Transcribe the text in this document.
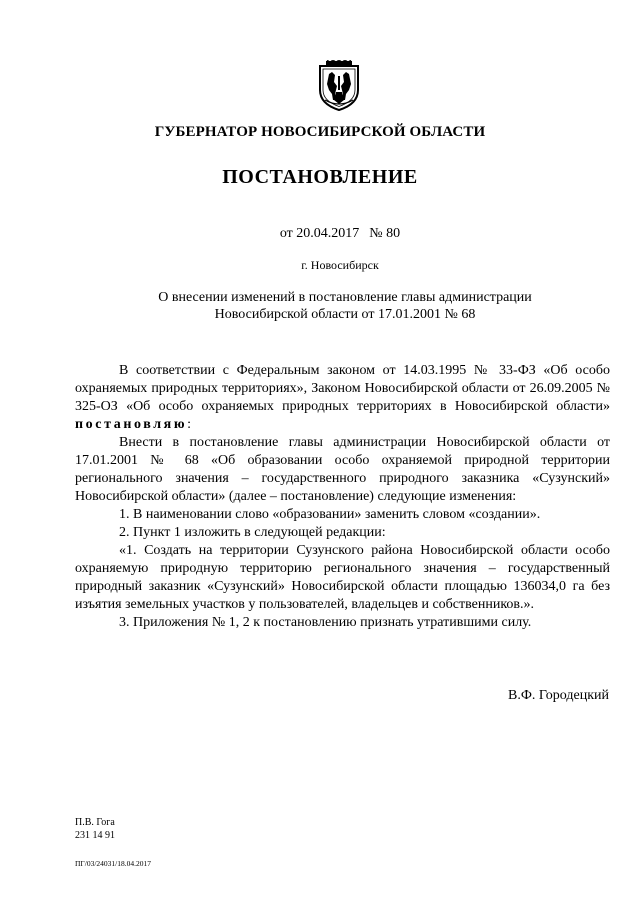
ГУБЕРНАТОР НОВОСИБИРСКОЙ ОБЛАСТИ
ПОСТАНОВЛЕНИЕ
от 20.04.2017 № 80
г. Новосибирск
О внесении изменений в постановление главы администрации
Новосибирской области от 17.01.2001 № 68

В соответствии с Федеральным законом от 14.03.1995 № 33-ФЗ «Об особо охраняемых природных территориях», Законом Новосибирской области от 26.09.2005 № 325-ОЗ «Об особо охраняемых природных территориях в Новосибирской области» постановляю:

Внести в постановление главы администрации Новосибирской области от 17.01.2001 № 68 «Об образовании особо охраняемой природной территории регионального значения – государственного природного заказника «Сузунский» Новосибирской области» (далее – постановление) следующие изменения:

1. В наименовании слово «образовании» заменить словом «создании».

2. Пункт 1 изложить в следующей редакции:

«1. Создать на территории Сузунского района Новосибирской области особо охраняемую природную территорию регионального значения – государственный природный заказник «Сузунский» Новосибирской области площадью 136034,0 га без изъятия земельных участков у пользователей, владельцев и собственников.».

3. Приложения № 1, 2 к постановлению признать утратившими силу.

В.Ф. Городецкий
П.В. Гога
231 14 91
ПГ/03/24031/18.04.2017
